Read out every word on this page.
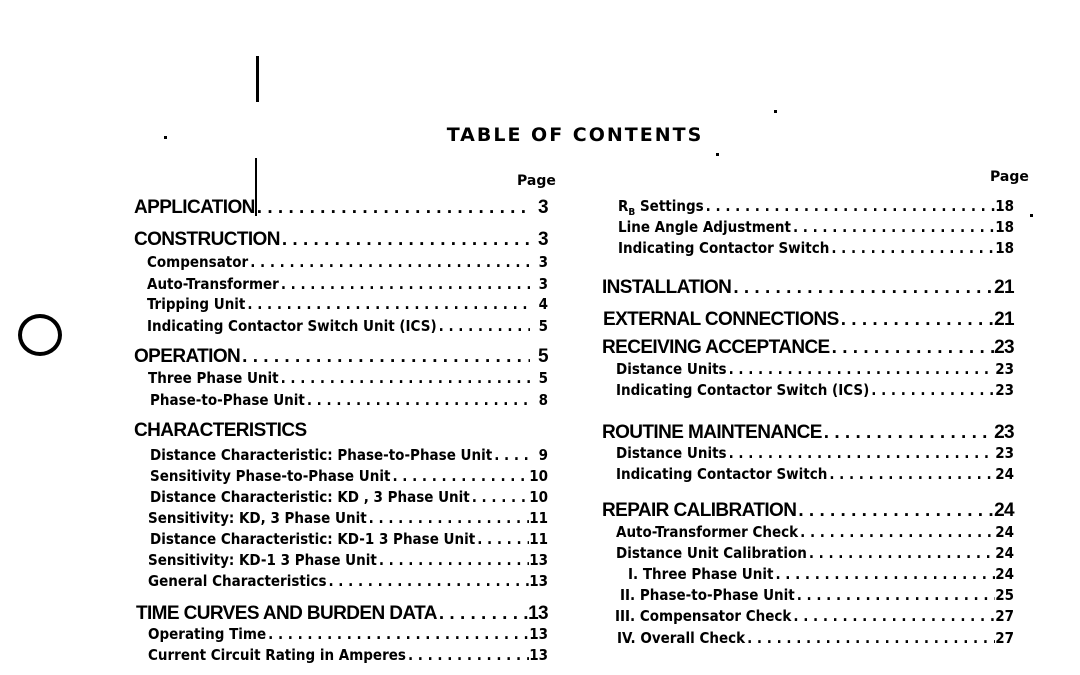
TABLE OF CONTENTS
Page	Page
APPLICATION . . .	3
CONSTRUCTION . . .	3
Compensator . . .	3
Auto-Transformer . . .	3
Tripping Unit . . .	4
Indicating Contactor Switch Unit (ICS) . . .	5
OPERATION . . .	5
Three Phase Unit . . .	5
Phase-to-Phase Unit . . .	8
CHARACTERISTICS
Distance Characteristic: Phase-to-Phase Unit . . .	9
Sensitivity Phase-to-Phase Unit . . .	10
Distance Characteristic: KD , 3 Phase Unit . . .	10
Sensitivity: KD, 3 Phase Unit . . .	11
Distance Characteristic: KD-1 3 Phase Unit . . .	11
Sensitivity: KD-1 3 Phase Unit . . .	13
General Characteristics . . .	13
TIME CURVES AND BURDEN DATA . . .	13
Operating Time . . .	13
Current Circuit Rating in Amperes . . .	13
$R_B$ Settings . . .	18
Line Angle Adjustment . . .	18
Indicating Contactor Switch . . .	18
INSTALLATION . . .	21
EXTERNAL CONNECTIONS . . .	21
RECEIVING ACCEPTANCE . . .	23
Distance Units . . .	23
Indicating Contactor Switch (ICS) . . .	23
ROUTINE MAINTENANCE . . .	23
Distance Units . . .	23
Indicating Contactor Switch . . .	24
REPAIR CALIBRATION . . .	24
Auto-Transformer Check . . .	24
Distance Unit Calibration . . .	24
I. Three Phase Unit . . .	24
II. Phase-to-Phase Unit . . .	25
III. Compensator Check . . .	27
IV. Overall Check . . .	27
